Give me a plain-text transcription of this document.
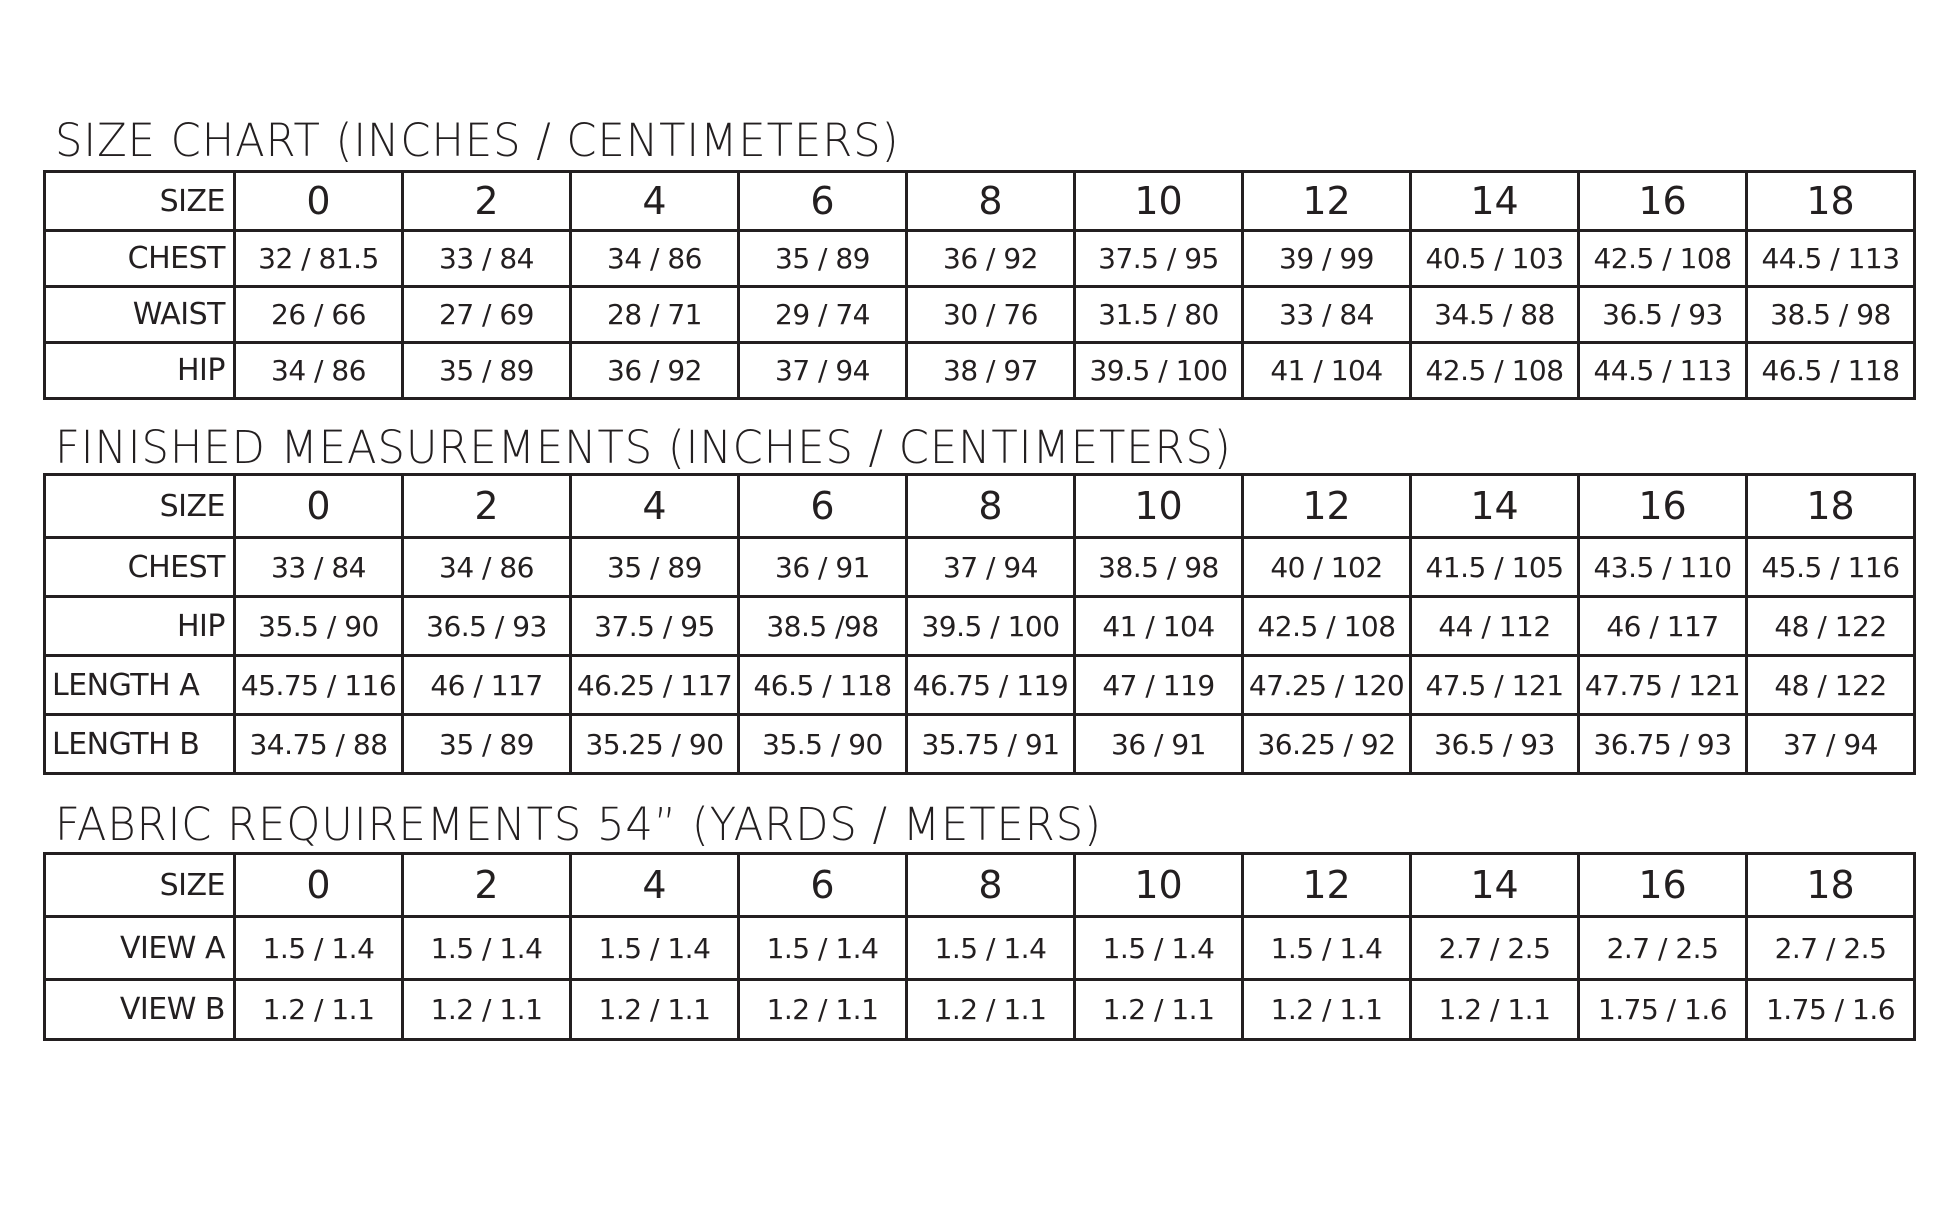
SIZE CHART (INCHES / CENTIMETERS)
SIZE	0	2	4	6	8	10	12	14	16	18
CHEST	32 / 81.5	33 / 84	34 / 86	35 / 89	36 / 92	37.5 / 95	39 / 99	40.5 / 103	42.5 / 108	44.5 / 113
WAIST	26 / 66	27 / 69	28 / 71	29 / 74	30 / 76	31.5 / 80	33 / 84	34.5 / 88	36.5 / 93	38.5 / 98
HIP	34 / 86	35 / 89	36 / 92	37 / 94	38 / 97	39.5 / 100	41 / 104	42.5 / 108	44.5 / 113	46.5 / 118
FINISHED MEASUREMENTS (INCHES / CENTIMETERS)
SIZE	0	2	4	6	8	10	12	14	16	18
CHEST	33 / 84	34 / 86	35 / 89	36 / 91	37 / 94	38.5 / 98	40 / 102	41.5 / 105	43.5 / 110	45.5 / 116
HIP	35.5 / 90	36.5 / 93	37.5 / 95	38.5 /98	39.5 / 100	41 / 104	42.5 / 108	44 / 112	46 / 117	48 / 122
LENGTH A	45.75 / 116	46 / 117	46.25 / 117	46.5 / 118	46.75 / 119	47 / 119	47.25 / 120	47.5 / 121	47.75 / 121	48 / 122
LENGTH B	34.75 / 88	35 / 89	35.25 / 90	35.5 / 90	35.75 / 91	36 / 91	36.25 / 92	36.5 / 93	36.75 / 93	37 / 94
FABRIC REQUIREMENTS 54” (YARDS / METERS)
SIZE	0	2	4	6	8	10	12	14	16	18
VIEW A	1.5 / 1.4	1.5 / 1.4	1.5 / 1.4	1.5 / 1.4	1.5 / 1.4	1.5 / 1.4	1.5 / 1.4	2.7 / 2.5	2.7 / 2.5	2.7 / 2.5
VIEW B	1.2 / 1.1	1.2 / 1.1	1.2 / 1.1	1.2 / 1.1	1.2 / 1.1	1.2 / 1.1	1.2 / 1.1	1.2 / 1.1	1.75 / 1.6	1.75 / 1.6
